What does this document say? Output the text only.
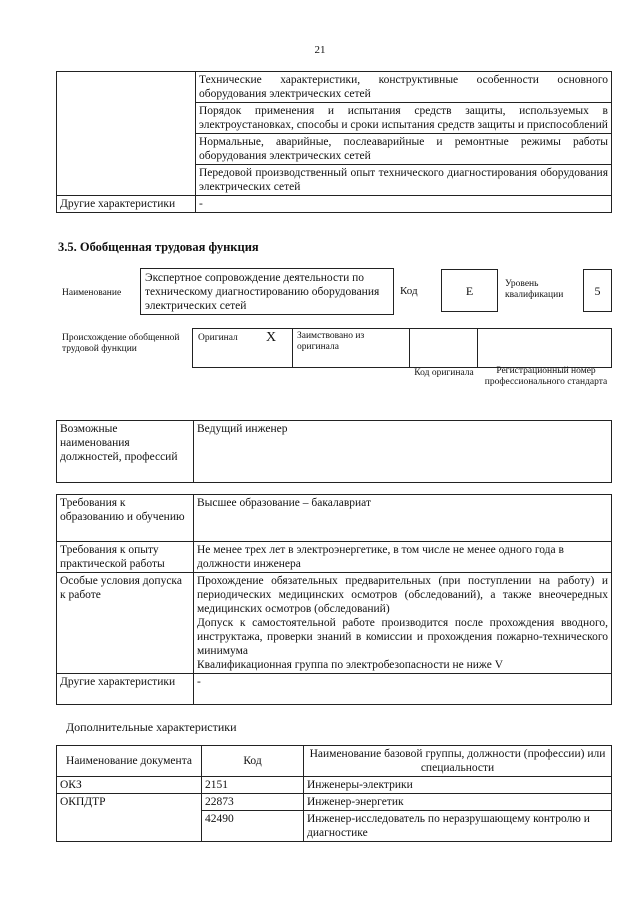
21
	Технические характеристики, конструктивные особенности основного оборудования электрических сетей
	Порядок применения и испытания средств защиты, используемых в электроустановках, способы и сроки испытания средств защиты и приспособлений
	Нормальные, аварийные, послеаварийные и ремонтные режимы работы оборудования электрических сетей
	Передовой производственный опыт технического диагностирования оборудования электрических сетей
Другие характеристики	-
3.5. Обобщенная трудовая функция
Наименование
Экспертное сопровождение деятельности по техническому диагностированию оборудования электрических сетей
Код	E	Уровень квалификации	5
Происхождение обобщенной трудовой функции
Оригинал X Заимствовано из оригинала
Код оригинала	Регистрационный номер профессионального стандарта
Возможные наименования должностей, профессий	Ведущий инженер
Требования к образованию и обучению	Высшее образование – бакалавриат
Требования к опыту практической работы	Не менее трех лет в электроэнергетике, в том числе не менее одного года в должности инженера
Особые условия допуска к работе	Прохождение обязательных предварительных (при поступлении на работу) и периодических медицинских осмотров (обследований), а также внеочередных медицинских осмотров (обследований)
Допуск к самостоятельной работе производится после прохождения вводного, инструктажа, проверки знаний в комиссии и прохождения пожарно-технического минимума
Квалификационная группа по электробезопасности не ниже V

Другие характеристики	-
Дополнительные характеристики
Наименование документа	Код	Наименование базовой группы, должности (профессии) или специальности
ОКЗ	2151	Инженеры-электрики
ОКПДТР	22873	Инженер-энергетик
	42490	Инженер-исследователь по неразрушающему контролю и диагностике
